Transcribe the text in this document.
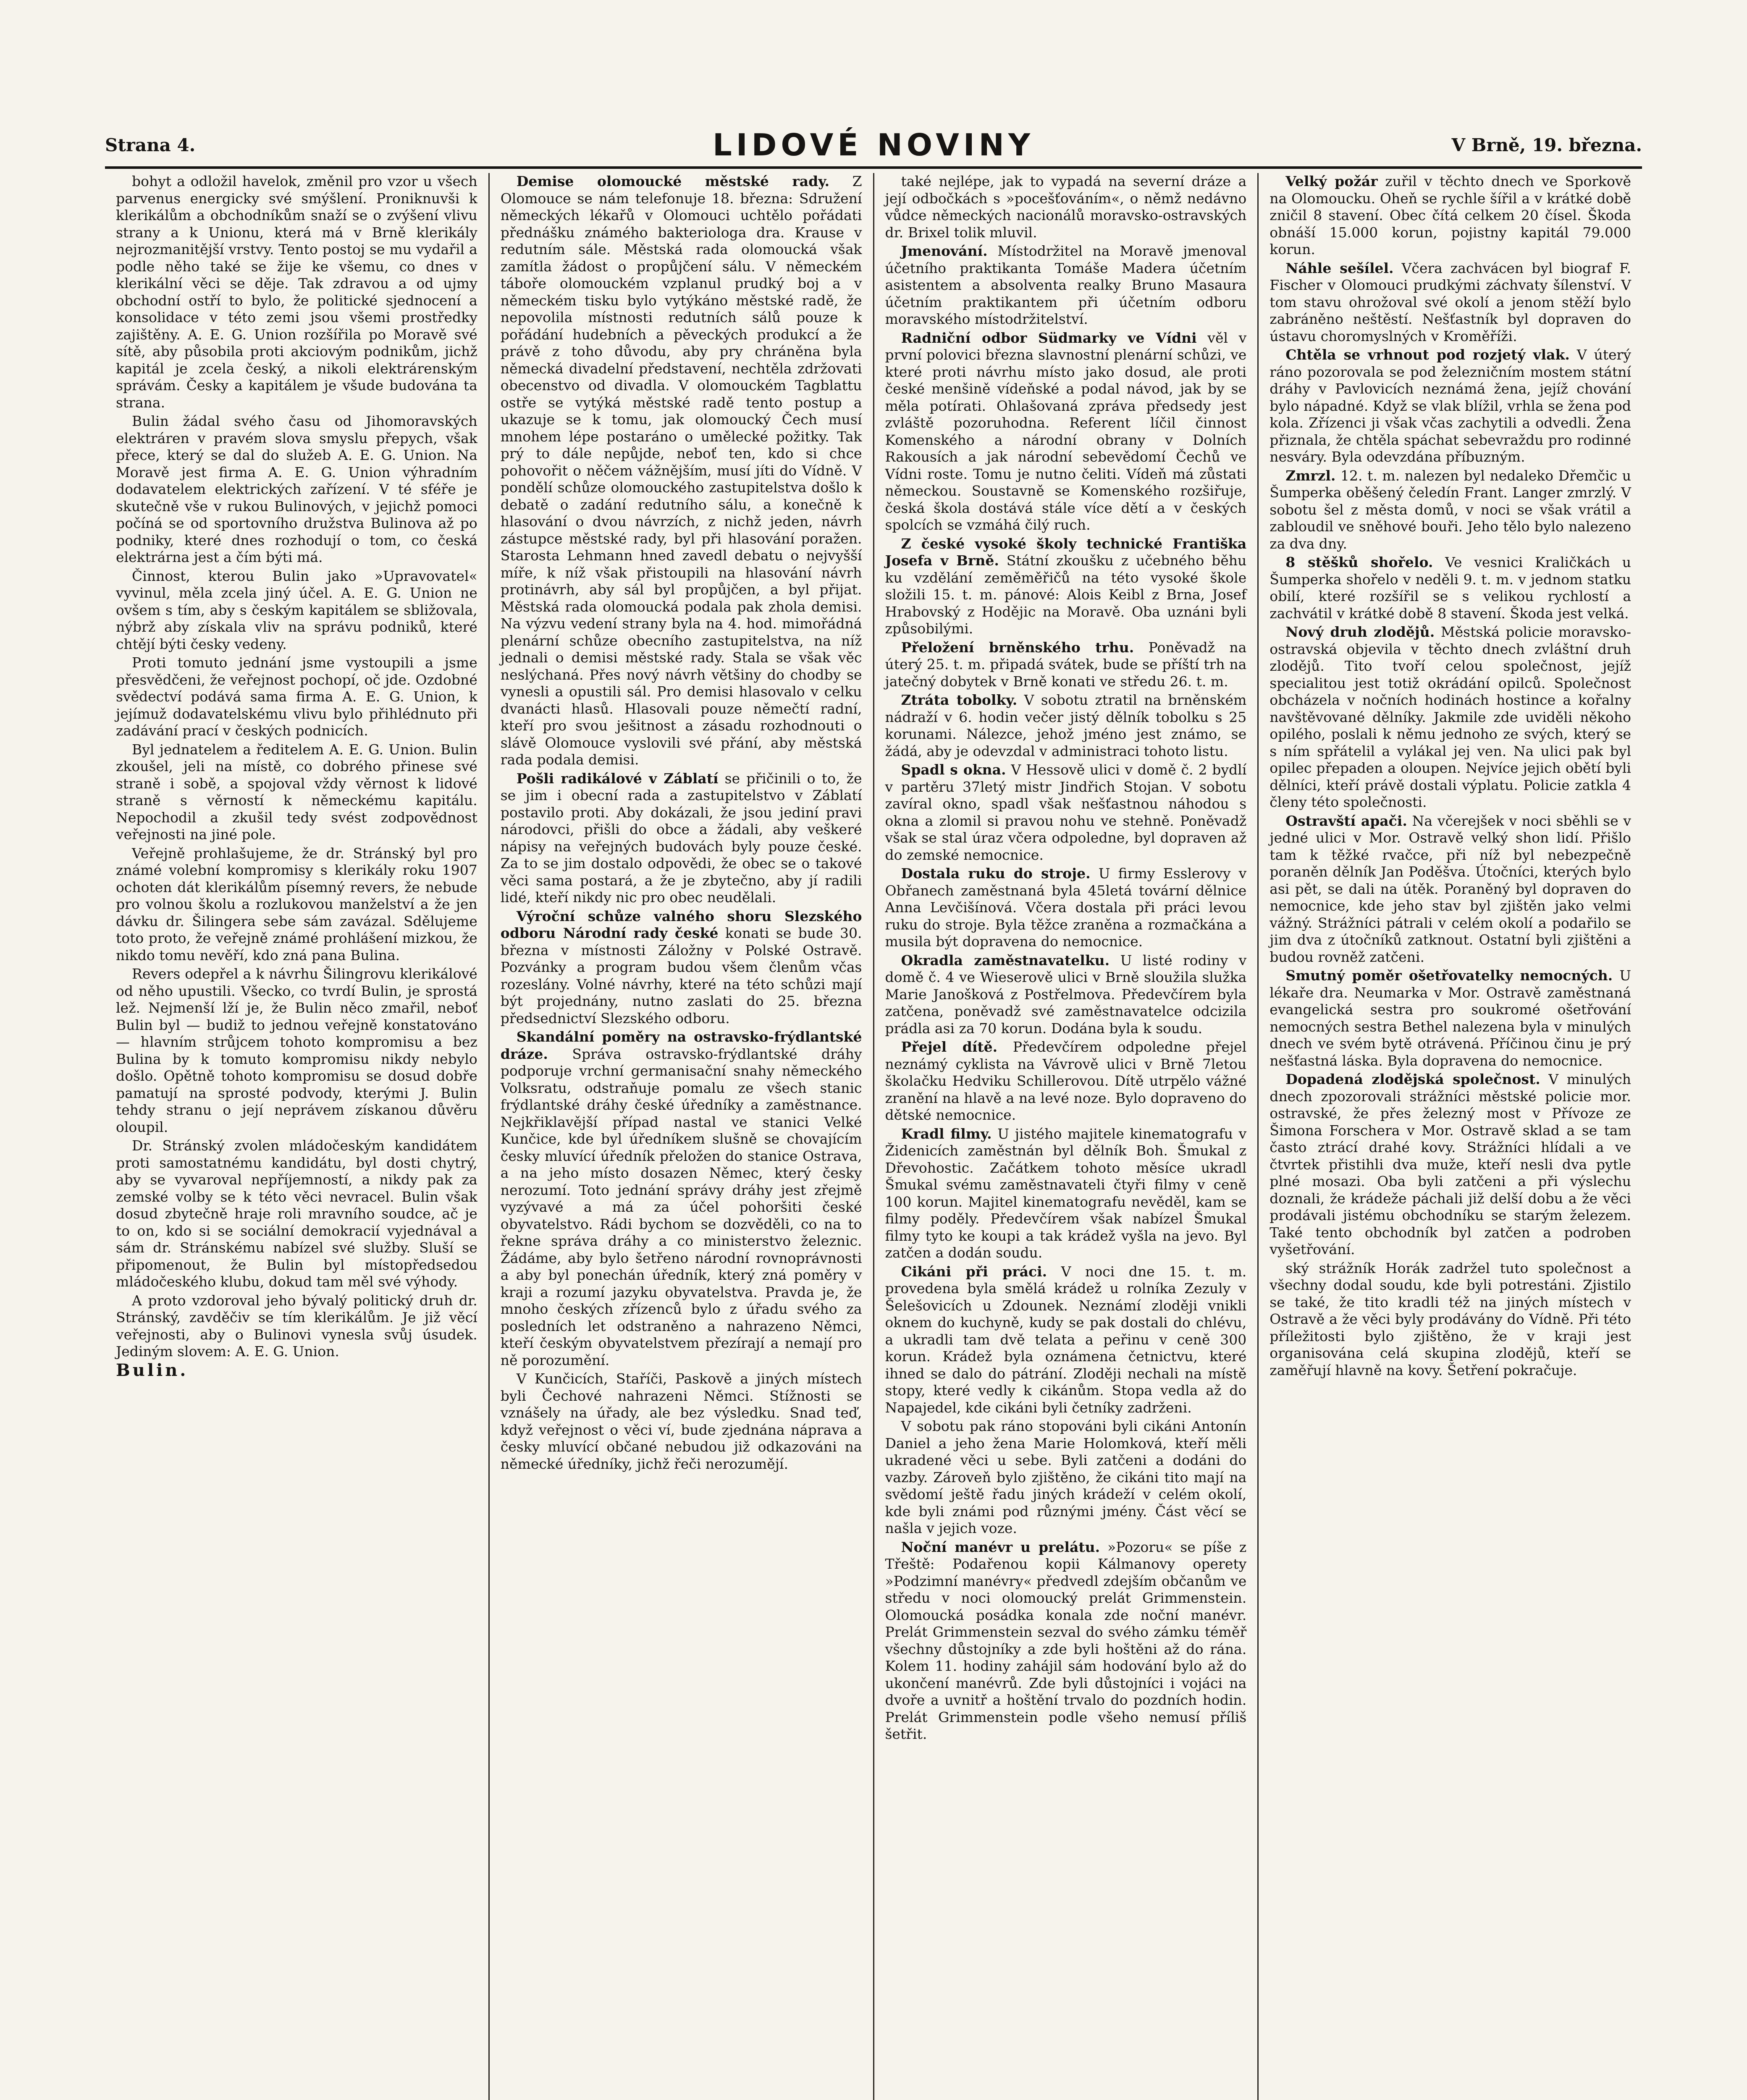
Strana 4.	LIDOVÉ NOVINY	V Brně, 19. března.

bohyt a odložil havelok, změnil pro vzor u všech parvenus energicky své smýšlení. Proniknuvši k klerikálům a obchodníkům snaží se o zvýšení vlivu strany a k Unionu, která má v Brně klerikály nejrozmanitější vrstvy. Tento postoj se mu vydařil a podle něho také se žije ke všemu, co dnes v klerikální věci se děje. Tak zdravou a od ujmy obchodní ostří to bylo, že politické sjednocení a konsolidace v této zemi jsou všemi prostředky zajištěny. A. E. G. Union rozšířila po Moravě své sítě, aby působila proti akciovým podnikům, jichž kapitál je zcela český, a nikoli elektrárenským správám. Česky a kapitálem je všude budována ta strana.

Bulin žádal svého času od Jihomoravských elektráren v pravém slova smyslu přepych, však přece, který se dal do služeb A. E. G. Union. Na Moravě jest firma A. E. G. Union výhradním dodavatelem elektrických zařízení. V té sféře je skutečně vše v rukou Bulinových, v jejichž pomoci počíná se od sportovního družstva Bulinova až po podniky, které dnes rozhodují o tom, co česká elektrárna jest a čím býti má.

Činnost, kterou Bulin jako »Upravovatel« vyvinul, měla zcela jiný účel. A. E. G. Union ne ovšem s tím, aby s českým kapitálem se sbližovala, nýbrž aby získala vliv na správu podniků, které chtějí býti česky vedeny.

Proti tomuto jednání jsme vystoupili a jsme přesvědčeni, že veřejnost pochopí, oč jde. Ozdobné svědectví podává sama firma A. E. G. Union, k jejímuž dodavatelskému vlivu bylo přihlédnuto při zadávání prací v českých podnicích.

Byl jednatelem a ředitelem A. E. G. Union. Bulin zkoušel, jeli na místě, co dobrého přinese své straně i sobě, a spojoval vždy věrnost k lidové straně s věrností k německému kapitálu. Nepochodil a zkušil tedy svést zodpovědnost veřejnosti na jiné pole.

Veřejně prohlašujeme, že dr. Stránský byl pro známé volební kompromisy s klerikály roku 1907 ochoten dát klerikálům písemný revers, že nebude pro volnou školu a rozlukovou manželství a že jen dávku dr. Šilingera sebe sám zavázal. Sdělujeme toto proto, že veřejně známé prohlášení mizkou, že nikdo tomu nevěří, kdo zná pana Bulina.

Revers odepřel a k návrhu Šilingrovu klerikálové od něho upustili. Všecko, co tvrdí Bulin, je sprostá lež. Nejmenší lží je, že Bulin něco zmařil, neboť Bulin byl — budiž to jednou veřejně konstatováno — hlavním strůjcem tohoto kompromisu a bez Bulina by k tomuto kompromisu nikdy nebylo došlo. Opětně tohoto kompromisu se dosud dobře pamatují na sprosté podvody, kterými J. Bulin tehdy stranu o její neprávem získanou důvěru oloupil.

Dr. Stránský zvolen mládočeským kandidátem proti samostatnému kandidátu, byl dosti chytrý, aby se vyvaroval nepříjemností, a nikdy pak za zemské volby se k této věci nevracel. Bulin však dosud zbytečně hraje roli mravního soudce, ač je to on, kdo si se sociální demokracií vyjednával a sám dr. Stránskému nabízel své služby. Sluší se připomenout, že Bulin byl místopředsedou mládočeského klubu, dokud tam měl své výhody.

A proto vzdoroval jeho bývalý politický druh dr. Stránský, zavděčiv se tím klerikálům. Je již věcí veřejnosti, aby o Bulinovi vynesla svůj úsudek. Jediným slovem: A. E. G. Union.

Bulin.

Demise olomoucké městské rady. Z Olomouce se nám telefonuje 18. března: Sdružení německých lékařů v Olomouci uchtělo pořádati přednášku známého bakteriologa dra. Krause v redutním sále. Městská rada olomoucká však zamítla žádost o propůjčení sálu. V německém táboře olomouckém vzplanul prudký boj a v německém tisku bylo vytýkáno městské radě, že nepovolila místnosti redutních sálů pouze k pořádání hudebních a pěveckých produkcí a že právě z toho důvodu, aby pry chráněna byla německá divadelní představení, nechtěla zdržovati obecenstvo od divadla. V olomouckém Tagblattu ostře se vytýká městské radě tento postup a ukazuje se k tomu, jak olomoucký Čech musí mnohem lépe postaráno o umělecké požitky. Tak prý to dále nepůjde, neboť ten, kdo si chce pohovořit o něčem vážnějším, musí jíti do Vídně. V pondělí schůze olomouckého zastupitelstva došlo k debatě o zadání redutního sálu, a konečně k hlasování o dvou návrzích, z nichž jeden, návrh zástupce městské rady, byl při hlasování poražen. Starosta Lehmann hned zavedl debatu o nejvyšší míře, k níž však přistoupili na hlasování návrh protinávrh, aby sál byl propůjčen, a byl přijat. Městská rada olomoucká podala pak zhola demisi. Na výzvu vedení strany byla na 4. hod. mimořádná plenární schůze obecního zastupitelstva, na níž jednali o demisi městské rady. Stala se však věc neslýchaná. Přes nový návrh většiny do chodby se vynesli a opustili sál. Pro demisi hlasovalo v celku dvanácti hlasů. Hlasovali pouze němečtí radní, kteří pro svou ješitnost a zásadu rozhodnouti o slávě Olomouce vyslovili své přání, aby městská rada podala demisi.

Pošli radikálové v Záblatí se přičinili o to, že se jim i obecní rada a zastupitelstvo v Záblatí postavilo proti. Aby dokázali, že jsou jediní pravi národovci, přišli do obce a žádali, aby veškeré nápisy na veřejných budovách byly pouze české. Za to se jim dostalo odpovědi, že obec se o takové věci sama postará, a že je zbytečno, aby jí radili lidé, kteří nikdy nic pro obec neudělali.

Výroční schůze valného shoru Slezského odboru Národní rady české konati se bude 30. března v místnosti Záložny v Polské Ostravě. Pozvánky a program budou všem členům včas rozeslány. Volné návrhy, které na této schůzi mají být projednány, nutno zaslati do 25. března předsednictví Slezského odboru.

Skandální poměry na ostravsko-frýdlantské dráze. Správa ostravsko-frýdlantské dráhy podporuje vrchní germanisační snahy německého Volksratu, odstraňuje pomalu ze všech stanic frýdlantské dráhy české úředníky a zaměstnance. Nejkřiklavější případ nastal ve stanici Velké Kunčice, kde byl úředníkem slušně se chovajícím česky mluvící úředník přeložen do stanice Ostrava, a na jeho místo dosazen Němec, který česky nerozumí. Toto jednání správy dráhy jest zřejmě vyzývavé a má za účel pohoršiti české obyvatelstvo. Rádi bychom se dozvěděli, co na to řekne správa dráhy a co ministerstvo železnic. Žádáme, aby bylo šetřeno národní rovnoprávnosti a aby byl ponechán úředník, který zná poměry v kraji a rozumí jazyku obyvatelstva. Pravda je, že mnoho českých zřízenců bylo z úřadu svého za posledních let odstraněno a nahrazeno Němci, kteří českým obyvatelstvem přezírají a nemají pro ně porozumění.

V Kunčicích, Staříči, Paskově a jiných místech byli Čechové nahrazeni Němci. Stížnosti se vznášely na úřady, ale bez výsledku. Snad teď, když veřejnost o věci ví, bude zjednána náprava a česky mluvící občané nebudou již odkazováni na německé úředníky, jichž řeči nerozumějí.

také nejlépe, jak to vypadá na severní dráze a její odbočkách s »pocešťováním«, o němž nedávno vůdce německých nacionálů moravsko-ostravských dr. Brixel tolik mluvil.

Jmenování. Místodržitel na Moravě jmenoval účetního praktikanta Tomáše Madera účetním asistentem a absolventa realky Bruno Masaura účetním praktikantem při účetním odboru moravského místodržitelství.

Radniční odbor Südmarky ve Vídni věl v první polovici března slavnostní plenární schůzi, ve které proti návrhu místo jako dosud, ale proti české menšině vídeňské a podal návod, jak by se měla potírati. Ohlašovaná zpráva předsedy jest zvláště pozoruhodna. Referent líčil činnost Komenského a národní obrany v Dolních Rakousích a jak národní sebevědomí Čechů ve Vídni roste. Tomu je nutno čeliti. Vídeň má zůstati německou. Soustavně se Komenského rozšiřuje, česká škola dostává stále více dětí a v českých spolcích se vzmáhá čilý ruch.

Z české vysoké školy technické Františka Josefa v Brně. Státní zkoušku z učebného běhu ku vzdělání zeměměřičů na této vysoké škole složili 15. t. m. pánové: Alois Keibl z Brna, Josef Hrabovský z Hodějic na Moravě. Oba uznáni byli způsobilými.

Přeložení brněnského trhu. Poněvadž na úterý 25. t. m. připadá svátek, bude se příští trh na jatečný dobytek v Brně konati ve středu 26. t. m.

Ztráta tobolky. V sobotu ztratil na brněnském nádraží v 6. hodin večer jistý dělník tobolku s 25 korunami. Nálezce, jehož jméno jest známo, se žádá, aby je odevzdal v administraci tohoto listu.

Spadl s okna. V Hessově ulici v domě č. 2 bydlí v partěru 37letý mistr Jindřich Stojan. V sobotu zavíral okno, spadl však nešťastnou náhodou s okna a zlomil si pravou nohu ve stehně. Poněvadž však se stal úraz včera odpoledne, byl dopraven až do zemské nemocnice.

Dostala ruku do stroje. U firmy Esslerovy v Obřanech zaměstnaná byla 45letá tovární dělnice Anna Levčišínová. Včera dostala při práci levou ruku do stroje. Byla těžce zraněna a rozmačkána a musila být dopravena do nemocnice.

Okradla zaměstnavatelku. U listé rodiny v domě č. 4 ve Wieserově ulici v Brně sloužila služka Marie Janošková z Postřelmova. Předevčírem byla zatčena, poněvadž své zaměstnavatelce odcizila prádla asi za 70 korun. Dodána byla k soudu.

Přejel dítě. Předevčírem odpoledne přejel neznámý cyklista na Vávrově ulici v Brně 7letou školačku Hedviku Schillerovou. Dítě utrpělo vážné zranění na hlavě a na levé noze. Bylo dopraveno do dětské nemocnice.

Kradl filmy. U jistého majitele kinematografu v Židenicích zaměstnán byl dělník Boh. Šmukal z Dřevohostic. Začátkem tohoto měsíce ukradl Šmukal svému zaměstnavateli čtyři filmy v ceně 100 korun. Majitel kinematografu nevěděl, kam se filmy poděly. Předevčírem však nabízel Šmukal filmy tyto ke koupi a tak krádež vyšla na jevo. Byl zatčen a dodán soudu.

Cikáni při práci. V noci dne 15. t. m. provedena byla smělá krádež u rolníka Zezuly v Šelešovicích u Zdounek. Neznámí zloději vnikli oknem do kuchyně, kudy se pak dostali do chlévu, a ukradli tam dvě telata a peřinu v ceně 300 korun. Krádež byla oznámena četnictvu, které ihned se dalo do pátrání. Zloději nechali na místě stopy, které vedly k cikánům. Stopa vedla až do Napajedel, kde cikáni byli četníky zadrženi.

V sobotu pak ráno stopováni byli cikáni Antonín Daniel a jeho žena Marie Holomková, kteří měli ukradené věci u sebe. Byli zatčeni a dodáni do vazby. Zároveň bylo zjištěno, že cikáni tito mají na svědomí ještě řadu jiných krádeží v celém okolí, kde byli známi pod různými jmény. Část věcí se našla v jejich voze.

Noční manévr u prelátu. »Pozoru« se píše z Třeště: Podařenou kopii Kálmanovy operety »Podzimní manévry« předvedl zdejším občanům ve středu v noci olomoucký prelát Grimmenstein. Olomoucká posádka konala zde noční manévr. Prelát Grimmenstein sezval do svého zámku téměř všechny důstojníky a zde byli hoštěni až do rána. Kolem 11. hodiny zahájil sám hodování bylo až do ukončení manévrů. Zde byli důstojníci i vojáci na dvoře a uvnitř a hoštění trvalo do pozdních hodin. Prelát Grimmenstein podle všeho nemusí příliš šetřit.

Velký požár zuřil v těchto dnech ve Sporkově na Olomoucku. Oheň se rychle šířil a v krátké době zničil 8 stavení. Obec čítá celkem 20 čísel. Škoda obnáší 15.000 korun, pojistny kapitál 79.000 korun.

Náhle sešílel. Včera zachvácen byl biograf F. Fischer v Olomouci prudkými záchvaty šílenství. V tom stavu ohrožoval své okolí a jenom stěží bylo zabráněno neštěstí. Nešťastník byl dopraven do ústavu choromyslných v Kroměříži.

Chtěla se vrhnout pod rozjetý vlak. V úterý ráno pozorovala se pod železničním mostem státní dráhy v Pavlovicích neznámá žena, jejíž chování bylo nápadné. Když se vlak blížil, vrhla se žena pod kola. Zřízenci ji však včas zachytili a odvedli. Žena přiznala, že chtěla spáchat sebevraždu pro rodinné nesváry. Byla odevzdána příbuzným.

Zmrzl. 12. t. m. nalezen byl nedaleko Dřemčic u Šumperka oběšený čeledín Frant. Langer zmrzlý. V sobotu šel z města domů, v noci se však vrátil a zabloudil ve sněhové bouři. Jeho tělo bylo nalezeno za dva dny.

8 stěšků shořelo. Ve vesnici Kraličkách u Šumperka shořelo v neděli 9. t. m. v jednom statku obilí, které rozšířil se s velikou rychlostí a zachvátil v krátké době 8 stavení. Škoda jest velká.

Nový druh zlodějů. Městská policie moravsko-ostravská objevila v těchto dnech zvláštní druh zlodějů. Tito tvoří celou společnost, jejíž specialitou jest totiž okrádání opilců. Společnost obcházela v nočních hodinách hostince a kořalny navštěvované dělníky. Jakmile zde uviděli někoho opilého, poslali k němu jednoho ze svých, který se s ním spřátelil a vylákal jej ven. Na ulici pak byl opilec přepaden a oloupen. Nejvíce jejich obětí byli dělníci, kteří právě dostali výplatu. Policie zatkla 4 členy této společnosti.

Ostravští apači. Na včerejšek v noci sběhli se v jedné ulici v Mor. Ostravě velký shon lidí. Přišlo tam k těžké rvačce, při níž byl nebezpečně poraněn dělník Jan Poděšva. Útočníci, kterých bylo asi pět, se dali na útěk. Poraněný byl dopraven do nemocnice, kde jeho stav byl zjištěn jako velmi vážný. Strážníci pátrali v celém okolí a podařilo se jim dva z útočníků zatknout. Ostatní byli zjištěni a budou rovněž zatčeni.

Smutný poměr ošetřovatelky nemocných. U lékaře dra. Neumarka v Mor. Ostravě zaměstnaná evangelická sestra pro soukromé ošetřování nemocných sestra Bethel nalezena byla v minulých dnech ve svém bytě otrávená. Příčinou činu je prý nešťastná láska. Byla dopravena do nemocnice.

Dopadená zlodějská společnost. V minulých dnech zpozorovali strážníci městské policie mor. ostravské, že přes železný most v Přívoze ze Šimona Forschera v Mor. Ostravě sklad a se tam často ztrácí drahé kovy. Strážníci hlídali a ve čtvrtek přistihli dva muže, kteří nesli dva pytle plné mosazi. Oba byli zatčeni a při výslechu doznali, že krádeže páchali již delší dobu a že věci prodávali jistému obchodníku se starým železem. Také tento obchodník byl zatčen a podroben vyšetřování.

ský strážník Horák zadržel tuto společnost a všechny dodal soudu, kde byli potrestáni. Zjistilo se také, že tito kradli též na jiných místech v Ostravě a že věci byly prodávány do Vídně. Při této příležitosti bylo zjištěno, že v kraji jest organisována celá skupina zlodějů, kteří se zaměřují hlavně na kovy. Šetření pokračuje.
